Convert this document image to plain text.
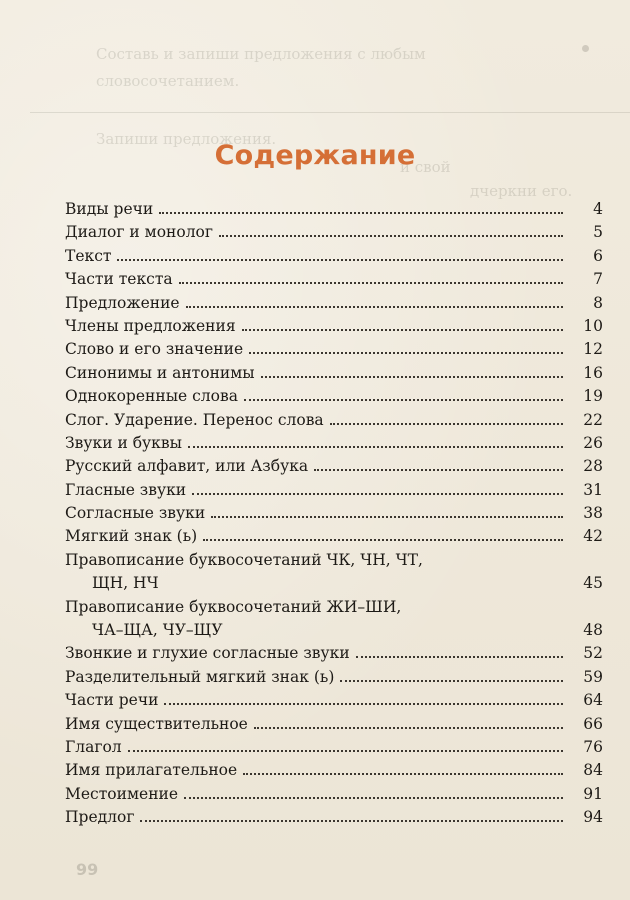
Составь и запиши предложения с любым
словосочетанием.
Запиши предложения.
и свой
дчеркни его.
99
Содержание
Виды речи	4
Диалог и монолог	5
Текст	6
Части текста	7
Предложение	8
Члены предложения	10
Слово и его значение	12
Синонимы и антонимы	16
Однокоренные слова	19
Слог. Ударение. Перенос слова	22
Звуки и буквы	26
Русский алфавит, или Азбука	28
Гласные звуки	31
Согласные звуки	38
Мягкий знак (ь)	42
Правописание буквосочетаний ЧК, ЧН, ЧТ,
ЩН, НЧ	45
Правописание буквосочетаний ЖИ–ШИ,
ЧА–ЩА, ЧУ–ЩУ	48
Звонкие и глухие согласные звуки	52
Разделительный мягкий знак (ь)	59
Части речи	64
Имя существительное	66
Глагол	76
Имя прилагательное	84
Местоимение	91
Предлог	94
